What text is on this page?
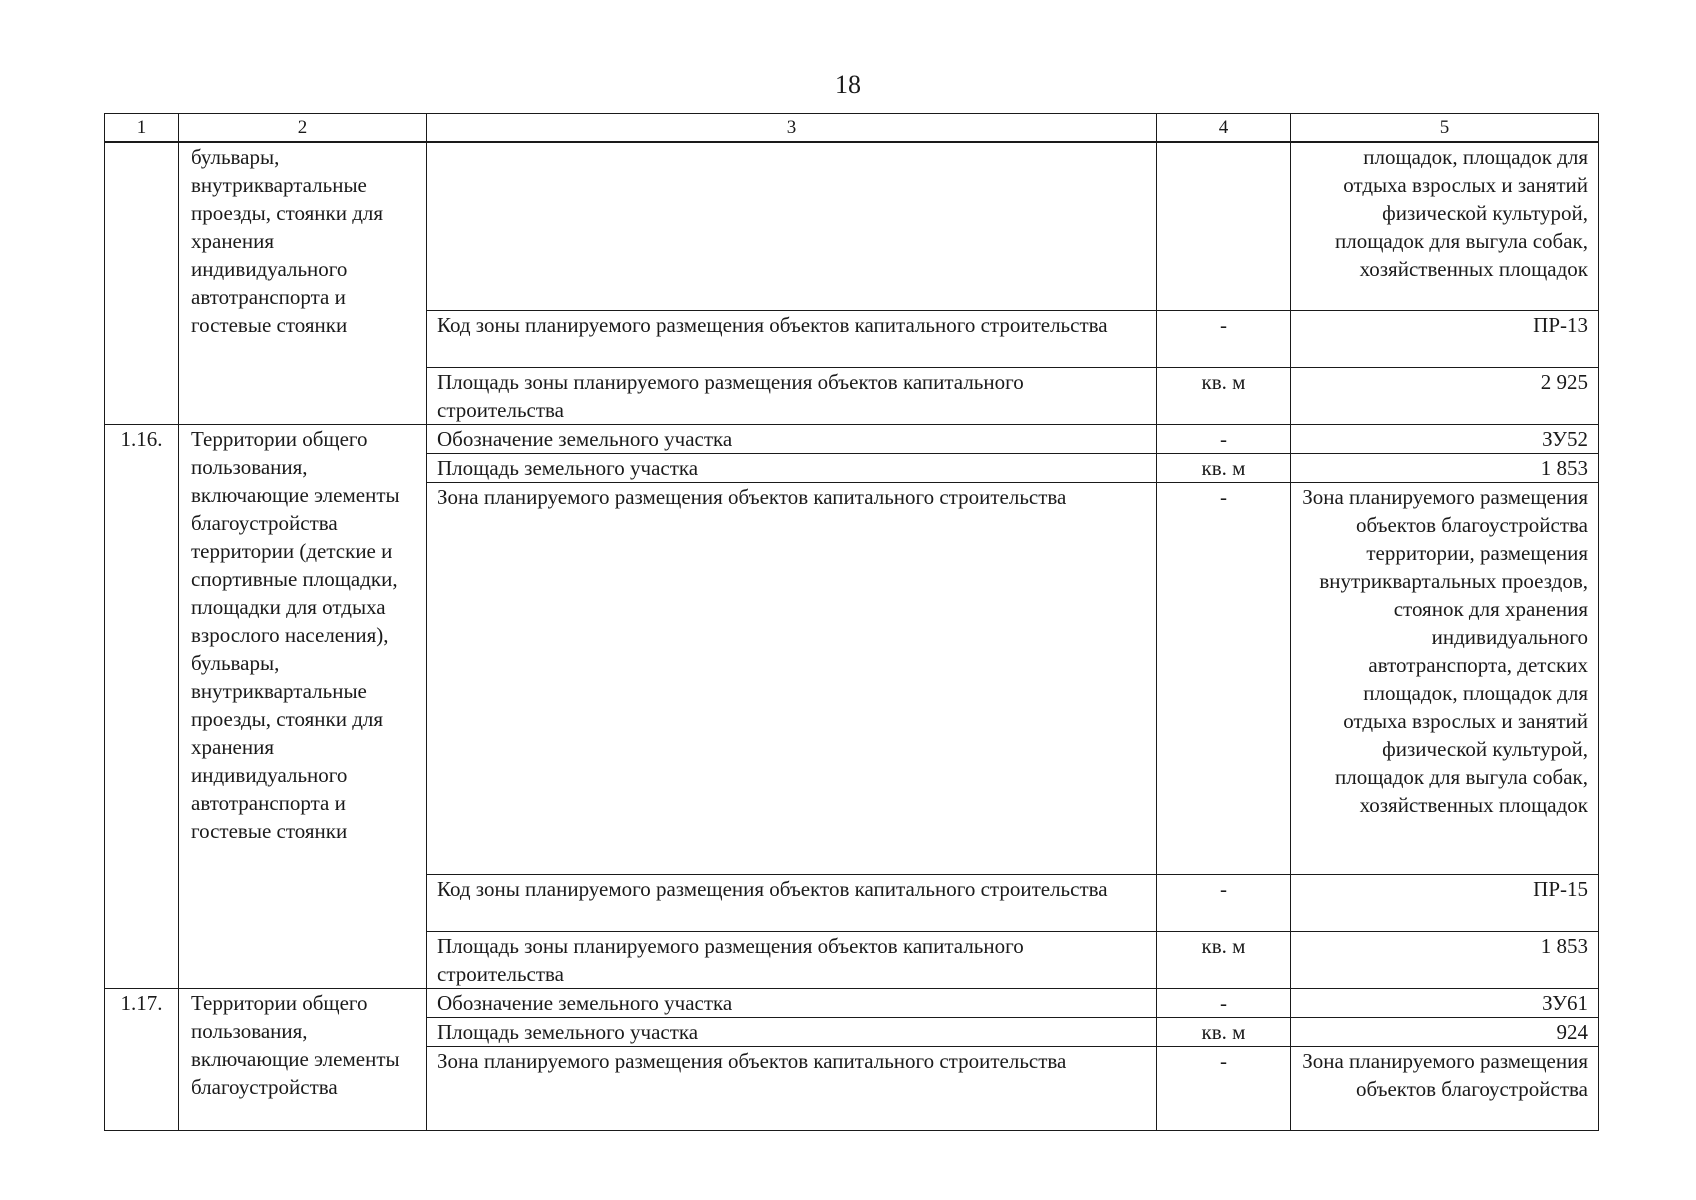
18
1	2	3	4	5
	бульвары, внутриквартальные проезды, стоянки для хранения индивидуального автотранспорта и гостевые стоянки			площадок, площадок для отдыха взрослых и занятий физической культурой, площадок для выгула собак, хозяйственных площадок
		Код зоны планируемого размещения объектов капитального строительства	-	ПР-13
		Площадь зоны планируемого размещения объектов капитального строительства	кв. м	2 925
1.16.	Территории общего пользования, включающие элементы благоустройства территории (детские и спортивные площадки, площадки для отдыха взрослого населения), бульвары, внутриквартальные проезды, стоянки для хранения индивидуального автотранспорта и гостевые стоянки	Обозначение земельного участка	-	ЗУ52
		Площадь земельного участка	кв. м	1 853
		Зона планируемого размещения объектов капитального строительства	-	Зона планируемого размещения объектов благоустройства территории, размещения внутриквартальных проездов, стоянок для хранения индивидуального автотранспорта, детских площадок, площадок для отдыха взрослых и занятий физической культурой, площадок для выгула собак, хозяйственных площадок
		Код зоны планируемого размещения объектов капитального строительства	-	ПР-15
		Площадь зоны планируемого размещения объектов капитального строительства	кв. м	1 853
1.17.	Территории общего пользования, включающие элементы благоустройства	Обозначение земельного участка	-	ЗУ61
		Площадь земельного участка	кв. м	924
		Зона планируемого размещения объектов капитального строительства	-	Зона планируемого размещения объектов благоустройства
